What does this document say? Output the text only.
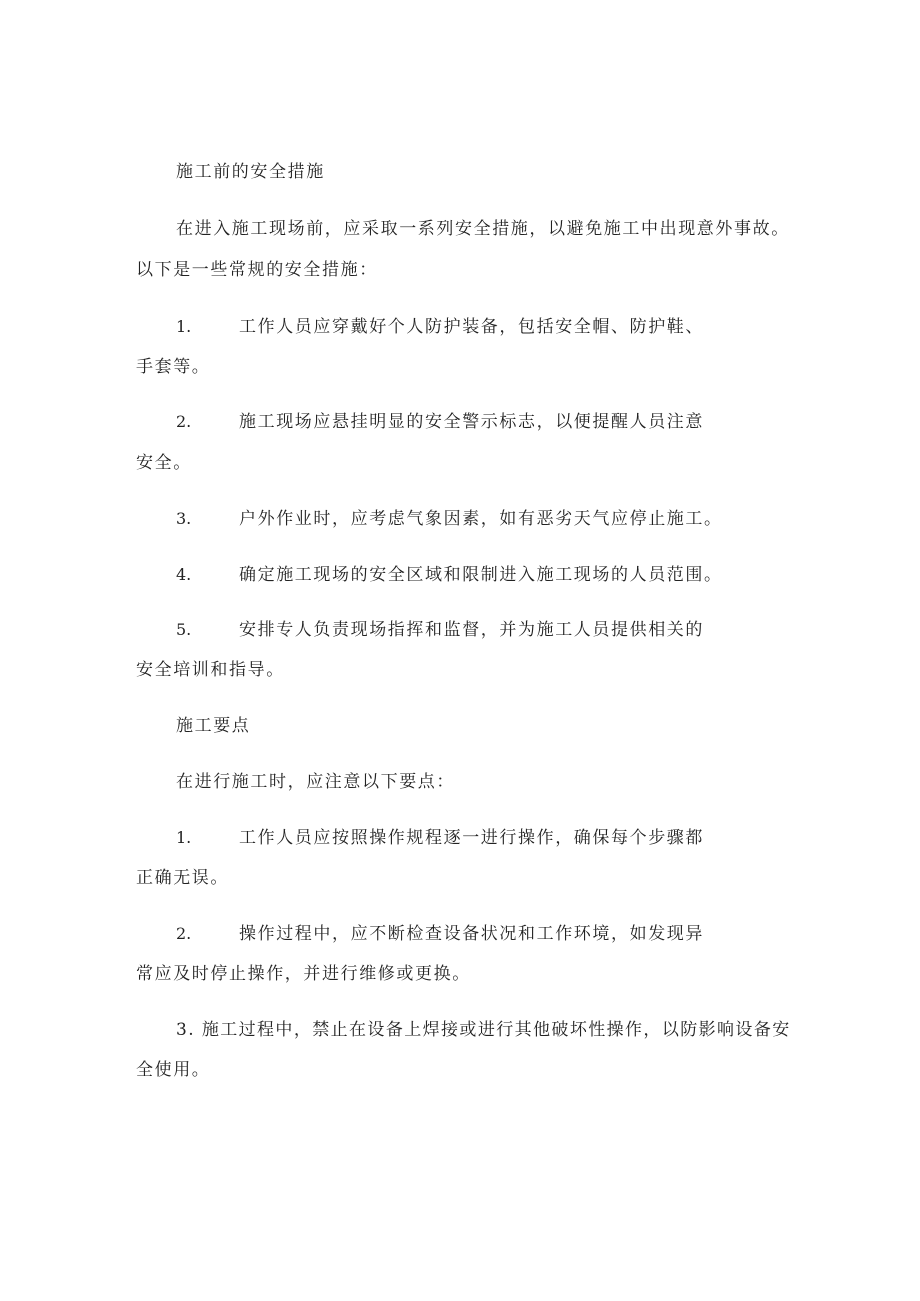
施工前的安全措施
在进入施工现场前，应采取一系列安全措施，以避免施工中出现意外事故。
以下是一些常规的安全措施：
1.	工作人员应穿戴好个人防护装备，包括安全帽、防护鞋、
手套等。
2.	施工现场应悬挂明显的安全警示标志，以便提醒人员注意
安全。
3.	户外作业时，应考虑气象因素，如有恶劣天气应停止施工。
4.	确定施工现场的安全区域和限制进入施工现场的人员范围。
5.	安排专人负责现场指挥和监督，并为施工人员提供相关的
安全培训和指导。
施工要点
在进行施工时，应注意以下要点：
1.	工作人员应按照操作规程逐一进行操作，确保每个步骤都
正确无误。
2.	操作过程中，应不断检查设备状况和工作环境，如发现异
常应及时停止操作，并进行维修或更换。
3. 施工过程中，禁止在设备上焊接或进行其他破坏性操作，以防影响设备安
全使用。
